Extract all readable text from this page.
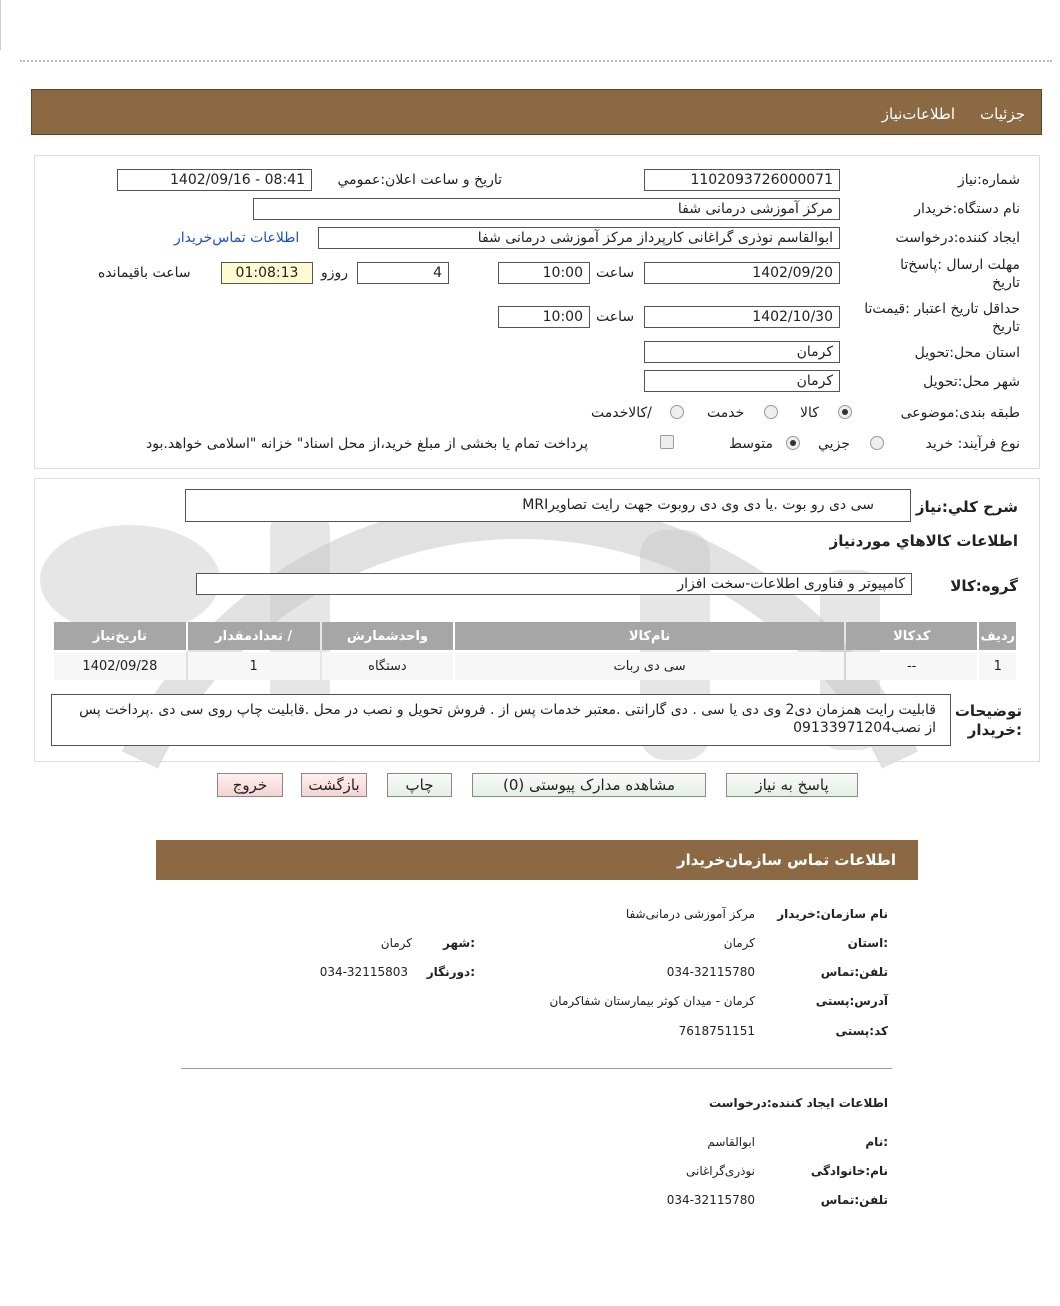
جزئيات
اطلاعات‌نیاز
شماره:نياز
1102093726000071
تاريخ و ساعت اعلان:عمومي
1402/09/16 - 08:41
نام دستگاه:خريدار
مرکز آموزشی درمانی شفا
ايجاد کننده:درخواست
ابوالقاسم نوذری گراغانی کارپرداز مرکز آموزشی درمانی شفا
اطلاعات تماس‌خريدار
مهلت ارسال :پاسخ‌تا تاريخ
1402/09/20
ساعت
10:00
4
روزو
01:08:13
ساعت باقيمانده
حداقل تاريخ اعتبار :قيمت‌تا تاريخ
1402/10/30
ساعت
10:00
استان محل:تحويل
کرمان
شهر محل:تحويل
کرمان
طبقه بندی:موضوعی
کالا
خدمت
/کالاخدمت
نوع فرآيند: خريد
جزيي
متوسط
پرداخت تمام يا بخشی از مبلغ خريد،از محل اسناد" خزانه "اسلامی خواهد.بود
شرح کلي:نياز
سی دی رو بوت .یا دی وی دی روبوت جهت رایت تصاویرMRI
اطلاعات کالاهاي موردنياز
گروه:کالا
کامپیوتر و فناوری اطلاعات-سخت افزار
رديف	کدکالا	نام‌کالا	واحدشمارش	/ تعدادمقدار	تاريخ‌نياز
1	--	سی دی ربات	دستگاه	1	1402/09/28
توضيحات :خريدار
قابلیت رایت همزمان دی2 وی دی یا سی . دی گارانتی .معتبر خدمات پس از . فروش تحویل و نصب در محل .قابلیت چاپ روی سی دی .پرداخت پس از نصب09133971204
پاسخ به نياز
مشاهده مدارک پيوستی (0)
چاپ
بازگشت
خروج
اطلاعات تماس سازمان‌خريدار
نام سازمان:خريدار
مرکز آموزشی درمانی‌شفا
:استان
کرمان
:شهر
کرمان
تلفن:تماس
034-32115780
:دورنگار
034-32115803
آدرس:پستی
کرمان - میدان کوثر بیمارستان شفاکرمان
کد:پستی
7618751151
اطلاعات ايجاد کننده:درخواست
:نام
ابوالقاسم
نام:خانوادگی
نوذری‌گراغانی
تلفن:تماس
034-32115780
